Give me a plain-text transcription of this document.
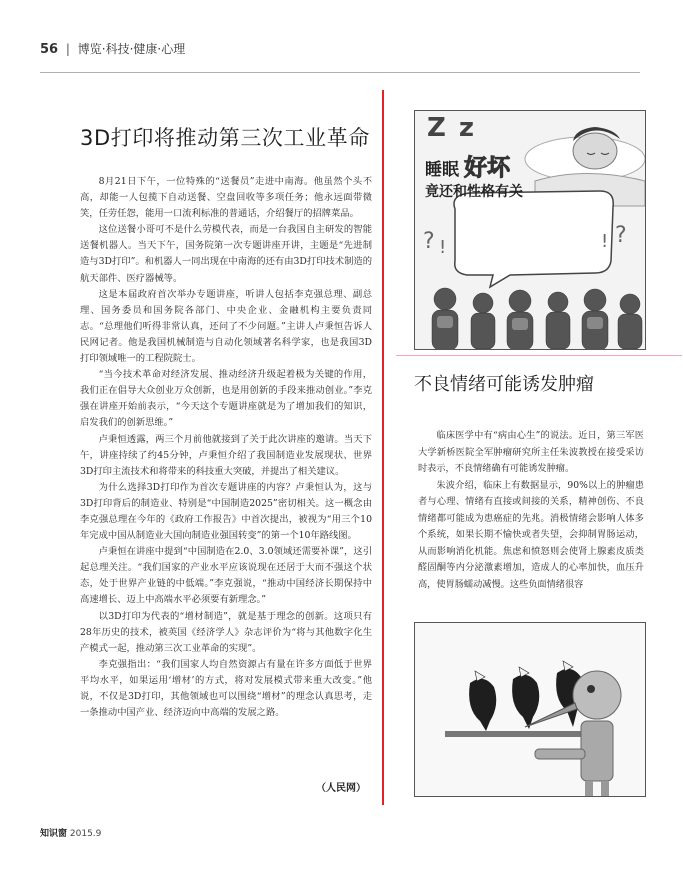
56 | 博览·科技·健康·心理
3D打印将推动第三次工业革命

8月21日下午，一位特殊的“送餐员”走进中南海。他虽然个头不高，却能一人包揽下自动送餐、空盘回收等多项任务；他永远面带微笑，任劳任怨，能用一口流利标准的普通话，介绍餐厅的招牌菜品。

这位送餐小哥可不是什么劳模代表，而是一台我国自主研发的智能送餐机器人。当天下午，国务院第一次专题讲座开讲，主题是“先进制造与3D打印”。和机器人一同出现在中南海的还有由3D打印技术制造的航天部件、医疗器械等。

这是本届政府首次举办专题讲座，听讲人包括李克强总理、副总理、国务委员和国务院各部门、中央企业、金融机构主要负责同志。“总理他们听得非常认真，还问了不少问题。”主讲人卢秉恒告诉人民网记者。他是我国机械制造与自动化领域著名科学家，也是我国3D打印领域唯一的工程院院士。

“当今技术革命对经济发展、推动经济升级起着极为关键的作用，我们正在倡导大众创业万众创新，也是用创新的手段来推动创业。”李克强在讲座开始前表示，“今天这个专题讲座就是为了增加我们的知识，启发我们的创新思维。”

卢秉恒透露，两三个月前他就接到了关于此次讲座的邀请。当天下午，讲座持续了约45分钟，卢秉恒介绍了我国制造业发展现状、世界3D打印主流技术和将带来的科技重大突破，并提出了相关建议。

为什么选择3D打印作为首次专题讲座的内容？卢秉恒认为，这与3D打印背后的制造业、特别是“中国制造2025”密切相关。这一概念由李克强总理在今年的《政府工作报告》中首次提出，被视为“用三个10年完成中国从制造业大国向制造业强国转变”的第一个10年路线图。

卢秉恒在讲座中提到“中国制造在2.0、3.0领域还需要补课”，这引起总理关注。“我们国家的产业水平应该说现在还居于大而不强这个状态，处于世界产业链的中低端。”李克强说，“推动中国经济长期保持中高速增长、迈上中高端水平必须要有新理念。”

以3D打印为代表的“增材制造”，就是基于理念的创新。这项只有28年历史的技术，被英国《经济学人》杂志评价为“将与其他数字化生产模式一起，推动第三次工业革命的实现”。

李克强指出：“我们国家人均自然资源占有量在许多方面低于世界平均水平，如果运用‘增材’的方式，将对发展模式带来重大改变。”他说，不仅是3D打印，其他领域也可以围绕“增材”的理念认真思考，走一条推动中国产业、经济迈向中高端的发展之路。

（人民网）
Z z
睡眠 好坏
竟还和性格有关
? !	?
!
不良情绪可能诱发肿瘤

临床医学中有“病由心生”的说法。近日，第三军医大学新桥医院全军肿瘤研究所主任朱波教授在接受采访时表示，不良情绪确有可能诱发肿瘤。

朱波介绍，临床上有数据显示，90%以上的肿瘤患者与心理、情绪有直接或间接的关系，精神创伤、不良情绪都可能成为患癌症的先兆。消极情绪会影响人体多个系统，如果长期不愉快或者失望，会抑制胃肠运动，从而影响消化机能。焦虑和愤怒则会使肾上腺素皮质类醛固酮等内分泌激素增加，造成人的心率加快，血压升高，使胃肠蠕动减慢。这些负面情绪很容

知识窗 2015.9
